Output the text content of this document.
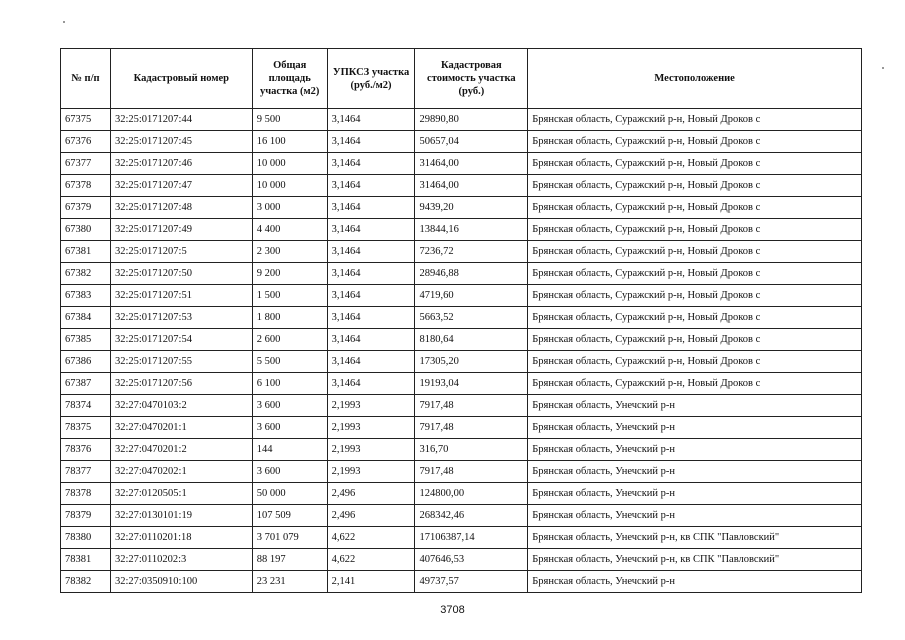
№ п/п	Кадастровый номер	Общая площадь участка (м2)	УПКСЗ участка (руб./м2)	Кадастровая стоимость участка (руб.)	Местоположение
67375	32:25:0171207:44	9 500	3,1464	29890,80	Брянская область, Суражский р-н, Новый Дроков с
67376	32:25:0171207:45	16 100	3,1464	50657,04	Брянская область, Суражский р-н, Новый Дроков с
67377	32:25:0171207:46	10 000	3,1464	31464,00	Брянская область, Суражский р-н, Новый Дроков с
67378	32:25:0171207:47	10 000	3,1464	31464,00	Брянская область, Суражский р-н, Новый Дроков с
67379	32:25:0171207:48	3 000	3,1464	9439,20	Брянская область, Суражский р-н, Новый Дроков с
67380	32:25:0171207:49	4 400	3,1464	13844,16	Брянская область, Суражский р-н, Новый Дроков с
67381	32:25:0171207:5	2 300	3,1464	7236,72	Брянская область, Суражский р-н, Новый Дроков с
67382	32:25:0171207:50	9 200	3,1464	28946,88	Брянская область, Суражский р-н, Новый Дроков с
67383	32:25:0171207:51	1 500	3,1464	4719,60	Брянская область, Суражский р-н, Новый Дроков с
67384	32:25:0171207:53	1 800	3,1464	5663,52	Брянская область, Суражский р-н, Новый Дроков с
67385	32:25:0171207:54	2 600	3,1464	8180,64	Брянская область, Суражский р-н, Новый Дроков с
67386	32:25:0171207:55	5 500	3,1464	17305,20	Брянская область, Суражский р-н, Новый Дроков с
67387	32:25:0171207:56	6 100	3,1464	19193,04	Брянская область, Суражский р-н, Новый Дроков с
78374	32:27:0470103:2	3 600	2,1993	7917,48	Брянская область, Унечский р-н
78375	32:27:0470201:1	3 600	2,1993	7917,48	Брянская область, Унечский р-н
78376	32:27:0470201:2	144	2,1993	316,70	Брянская область, Унечский р-н
78377	32:27:0470202:1	3 600	2,1993	7917,48	Брянская область, Унечский р-н
78378	32:27:0120505:1	50 000	2,496	124800,00	Брянская область, Унечский р-н
78379	32:27:0130101:19	107 509	2,496	268342,46	Брянская область, Унечский р-н
78380	32:27:0110201:18	3 701 079	4,622	17106387,14	Брянская область, Унечский р-н, кв СПК "Павловский"
78381	32:27:0110202:3	88 197	4,622	407646,53	Брянская область, Унечский р-н, кв СПК "Павловский"
78382	32:27:0350910:100	23 231	2,141	49737,57	Брянская область, Унечский р-н
3708
